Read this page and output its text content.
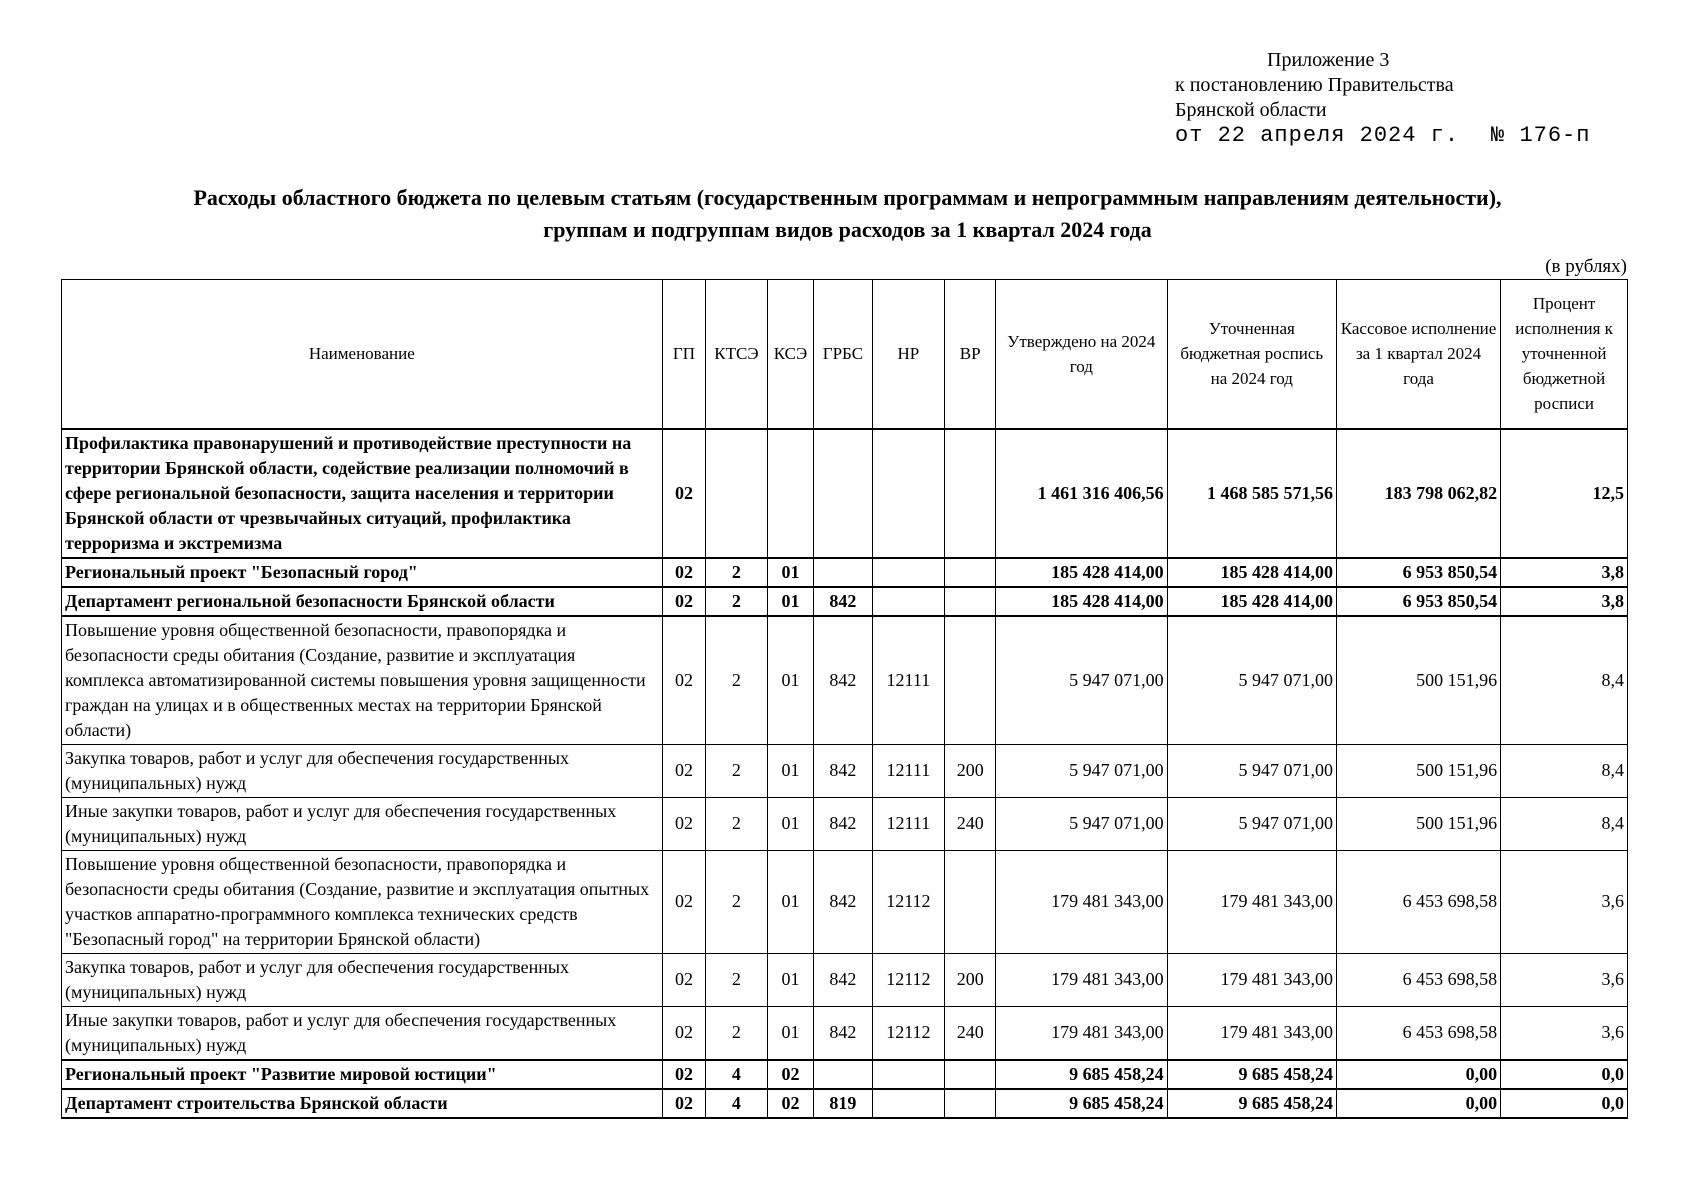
Приложение 3
к постановлению Правительства
Брянской области
от 22 апреля 2024 г. № 176-п
Расходы областного бюджета по целевым статьям (государственным программам и непрограммным направлениям деятельности),
группам и подгруппам видов расходов за 1 квартал 2024 года
(в рублях)
Наименование	ГП	КТСЭ	КСЭ	ГРБС	НР	ВР	Утверждено на 2024 год	Уточненная бюджетная роспись на 2024 год	Кассовое исполнение за 1 квартал 2024 года	Процент исполнения к уточненной бюджетной росписи
Профилактика правонарушений и противодействие преступности на территории Брянской области, содействие реализации полномочий в сфере региональной безопасности, защита населения и территории Брянской области от чрезвычайных ситуаций, профилактика терроризма и экстремизма	02						1 461 316 406,56	1 468 585 571,56	183 798 062,82	12,5
Региональный проект "Безопасный город"	02	2	01				185 428 414,00	185 428 414,00	6 953 850,54	3,8
Департамент региональной безопасности Брянской области	02	2	01	842			185 428 414,00	185 428 414,00	6 953 850,54	3,8
Повышение уровня общественной безопасности, правопорядка и безопасности среды обитания (Создание, развитие и эксплуатация комплекса автоматизированной системы повышения уровня защищенности граждан на улицах и в общественных местах на территории Брянской области)	02	2	01	842	12111		5 947 071,00	5 947 071,00	500 151,96	8,4
Закупка товаров, работ и услуг для обеспечения государственных (муниципальных) нужд	02	2	01	842	12111	200	5 947 071,00	5 947 071,00	500 151,96	8,4
Иные закупки товаров, работ и услуг для обеспечения государственных (муниципальных) нужд	02	2	01	842	12111	240	5 947 071,00	5 947 071,00	500 151,96	8,4
Повышение уровня общественной безопасности, правопорядка и безопасности среды обитания (Создание, развитие и эксплуатация опытных участков аппаратно-программного комплекса технических средств "Безопасный город" на территории Брянской области)	02	2	01	842	12112		179 481 343,00	179 481 343,00	6 453 698,58	3,6
Закупка товаров, работ и услуг для обеспечения государственных (муниципальных) нужд	02	2	01	842	12112	200	179 481 343,00	179 481 343,00	6 453 698,58	3,6
Иные закупки товаров, работ и услуг для обеспечения государственных (муниципальных) нужд	02	2	01	842	12112	240	179 481 343,00	179 481 343,00	6 453 698,58	3,6
Региональный проект "Развитие мировой юстиции"	02	4	02				9 685 458,24	9 685 458,24	0,00	0,0
Департамент строительства Брянской области	02	4	02	819			9 685 458,24	9 685 458,24	0,00	0,0
